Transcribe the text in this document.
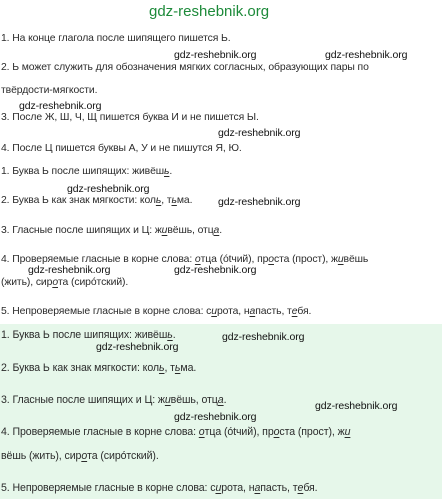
gdz-reshebnik.org

1. На конце глагола после шипящего пишется Ь.

2. Ь может служить для обозначения мягких согласных, образующих пары по

твёрдости-мягкости.

3. После Ж, Ш, Ч, Щ пишется буква И и не пишется Ы.

4. После Ц пишется буквы А, У и не пишутся Я, Ю.

1. Буква Ь после шипящих: живёшь.

2. Буква Ь как знак мягкости: коль, тьма.

3. Гласные после шипящих и Ц: живёшь, отца.

4. Проверяемые гласные в корне слова: отца (ótчий), проста (прост), живёшь

(жить), сирота (сиро́тский).

5. Непроверяемые гласные в корне слова: сирота, напасть, тебя.

1. Буква Ь после шипящих: живёшь.

2. Буква Ь как знак мягкости: коль, тьма.

3. Гласные после шипящих и Ц: живёшь, отца.

4. Проверяемые гласные в корне слова: отца (ótчий), проста (прост), жи

вёшь (жить), сирота (сиро́тский).

5. Непроверяемые гласные в корне слова: сирота, напасть, тебя.

gdz-reshebnik.org	gdz-reshebnik.org
gdz-reshebnik.org
gdz-reshebnik.org
gdz-reshebnik.org
gdz-reshebnik.org
gdz-reshebnik.org	gdz-reshebnik.org
gdz-reshebnik.org
gdz-reshebnik.org
gdz-reshebnik.org
gdz-reshebnik.org
